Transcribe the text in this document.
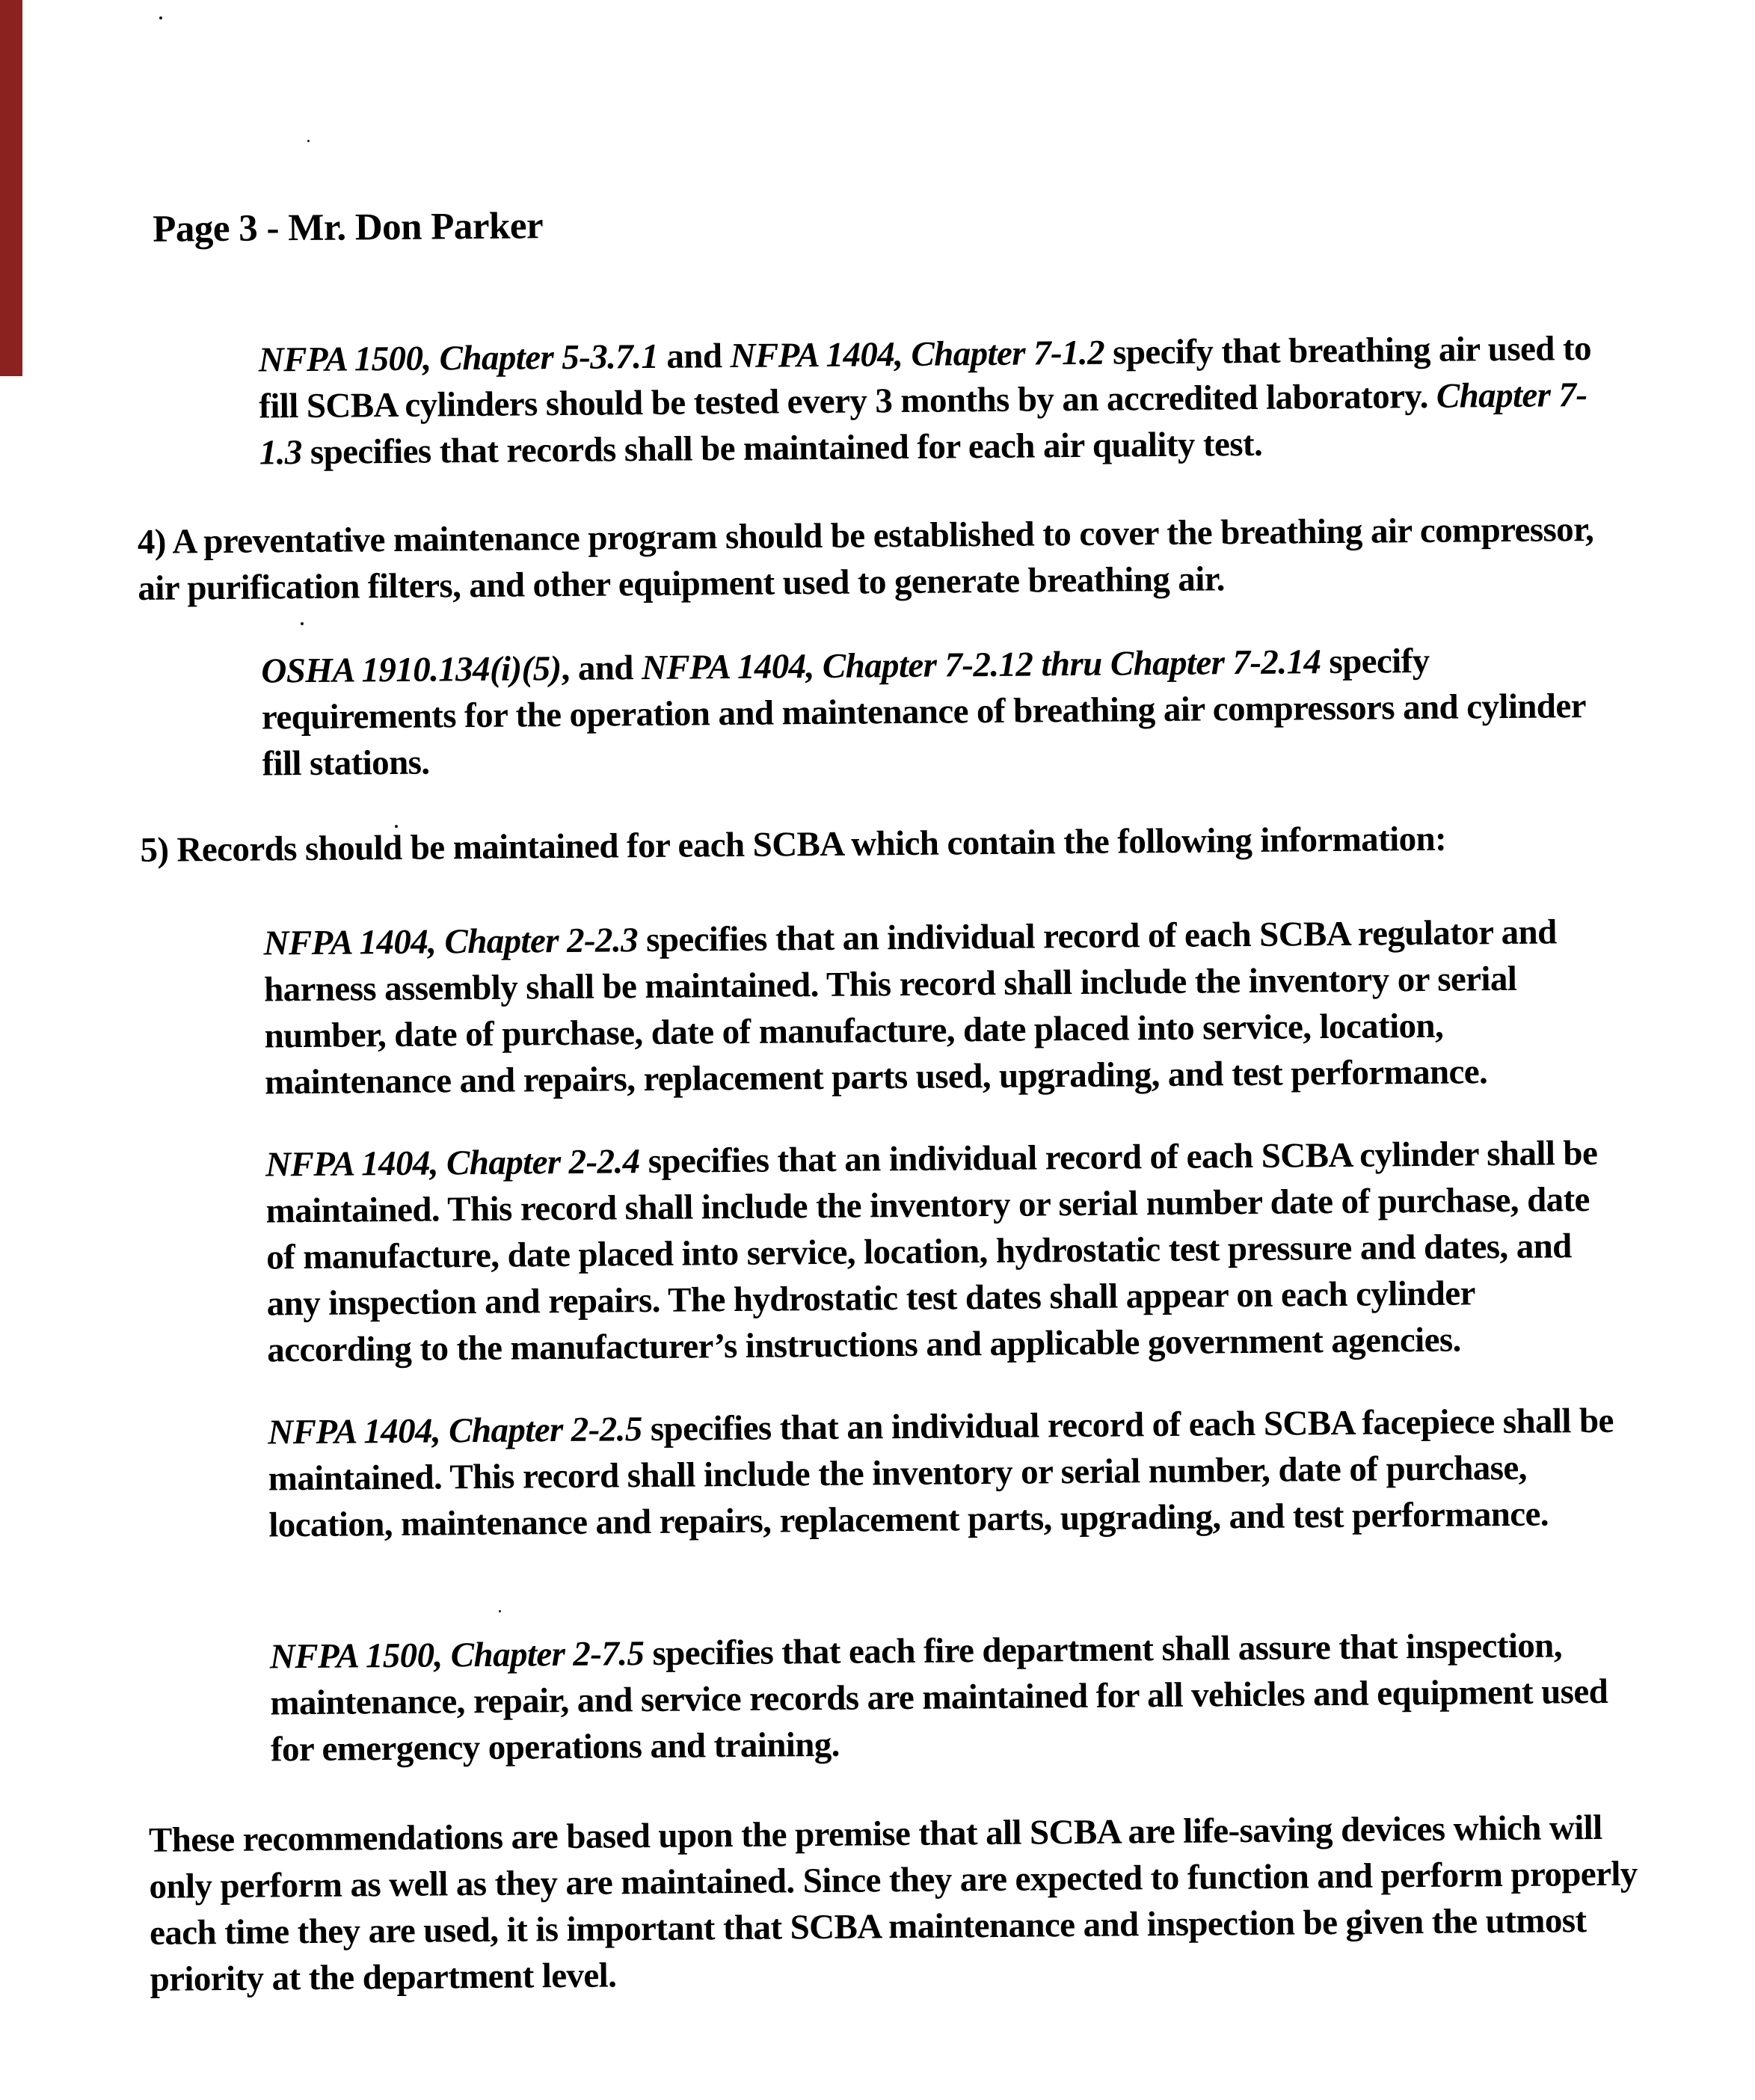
Page 3 - Mr. Don Parker
NFPA 1500, Chapter 5-3.7.1 and NFPA 1404, Chapter 7-1.2 specify that breathing air used to fill SCBA cylinders should be tested every 3 months by an accredited laboratory. Chapter 7-1.3 specifies that records shall be maintained for each air quality test.
4) A preventative maintenance program should be established to cover the breathing air compressor, air purification filters, and other equipment used to generate breathing air.
OSHA 1910.134(i)(5), and NFPA 1404, Chapter 7-2.12 thru Chapter 7-2.14 specify requirements for the operation and maintenance of breathing air compressors and cylinder fill stations.
5) Records should be maintained for each SCBA which contain the following information:
NFPA 1404, Chapter 2-2.3 specifies that an individual record of each SCBA regulator and harness assembly shall be maintained. This record shall include the inventory or serial number, date of purchase, date of manufacture, date placed into service, location, maintenance and repairs, replacement parts used, upgrading, and test performance.
NFPA 1404, Chapter 2-2.4 specifies that an individual record of each SCBA cylinder shall be maintained. This record shall include the inventory or serial number date of purchase, date of manufacture, date placed into service, location, hydrostatic test pressure and dates, and any inspection and repairs. The hydrostatic test dates shall appear on each cylinder according to the manufacturer’s instructions and applicable government agencies.
NFPA 1404, Chapter 2-2.5 specifies that an individual record of each SCBA facepiece shall be maintained. This record shall include the inventory or serial number, date of purchase, location, maintenance and repairs, replacement parts, upgrading, and test performance.
NFPA 1500, Chapter 2-7.5 specifies that each fire department shall assure that inspection, maintenance, repair, and service records are maintained for all vehicles and equipment used for emergency operations and training.
These recommendations are based upon the premise that all SCBA are life-saving devices which will only perform as well as they are maintained. Since they are expected to function and perform properly each time they are used, it is important that SCBA maintenance and inspection be given the utmost priority at the department level.
